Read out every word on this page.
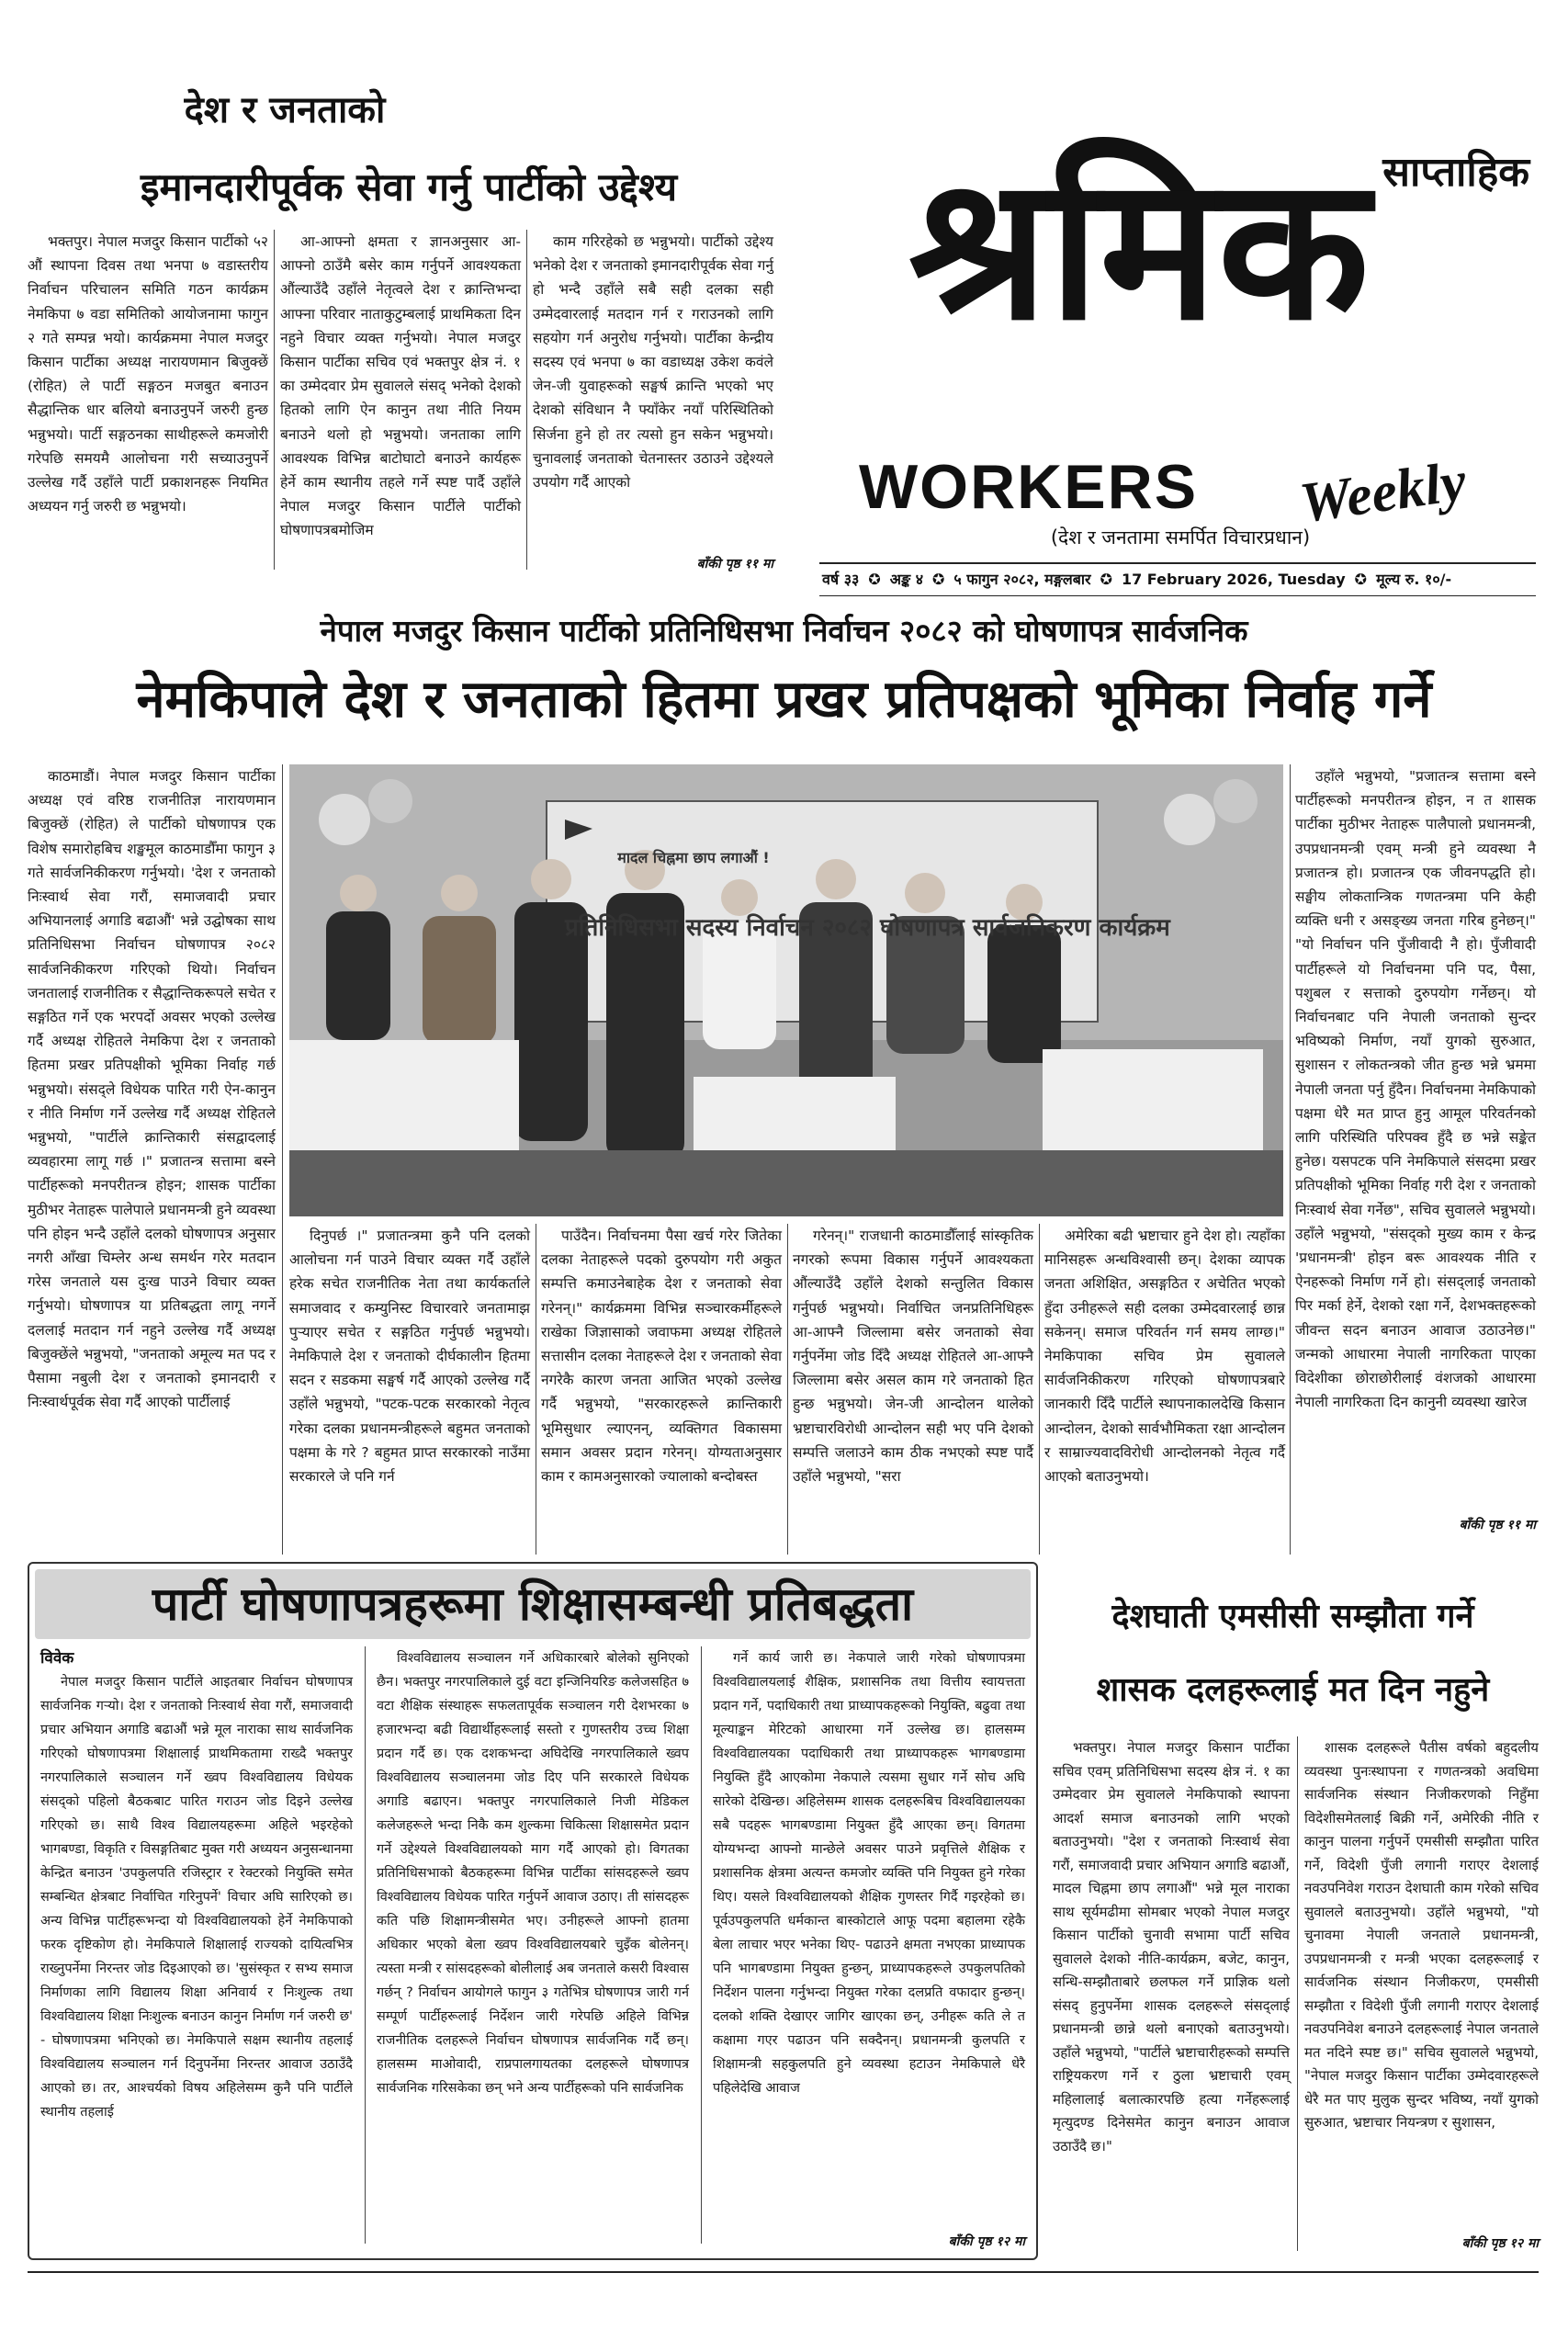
देश र जनताको
इमानदारीपूर्वक सेवा गर्नु पार्टीको उद्देश्य

भक्तपुर। नेपाल मजदुर किसान पार्टीको ५२ औं स्थापना दिवस तथा भनपा ७ वडास्तरीय निर्वाचन परिचालन समिति गठन कार्यक्रम नेमकिपा ७ वडा समितिको आयोजनामा फागुन २ गते सम्पन्न भयो। कार्यक्रममा नेपाल मजदुर किसान पार्टीका अध्यक्ष नारायणमान बिजुक्छें (रोहित) ले पार्टी सङ्गठन मजबुत बनाउन सैद्धान्तिक धार बलियो बनाउनुपर्ने जरुरी हुन्छ भन्नुभयो। पार्टी सङ्गठनका साथीहरूले कमजोरी गरेपछि समयमै आलोचना गरी सच्याउनुपर्ने उल्लेख गर्दै उहाँले पार्टी प्रकाशनहरू नियमित अध्ययन गर्नु जरुरी छ भन्नुभयो।

आ-आफ्नो क्षमता र ज्ञानअनुसार आ-आफ्नो ठाउँमै बसेर काम गर्नुपर्ने आवश्यकता औंल्याउँदै उहाँले नेतृत्वले देश र क्रान्तिभन्दा आफ्ना परिवार नाताकुटुम्बलाई प्राथमिकता दिन नहुने विचार व्यक्त गर्नुभयो। नेपाल मजदुर किसान पार्टीका सचिव एवं भक्तपुर क्षेत्र नं. १ का उम्मेदवार प्रेम सुवालले संसद् भनेको देशको हितको लागि ऐन कानुन तथा नीति नियम बनाउने थलो हो भन्नुभयो। जनताका लागि आवश्यक विभिन्न बाटोघाटो बनाउने कार्यहरू हेर्ने काम स्थानीय तहले गर्ने स्पष्ट पार्दै उहाँले नेपाल मजदुर किसान पार्टीले पार्टीको घोषणापत्रबमोजिम

काम गरिरहेको छ भन्नुभयो। पार्टीको उद्देश्य भनेको देश र जनताको इमानदारीपूर्वक सेवा गर्नु हो भन्दै उहाँले सबै सही दलका सही उम्मेदवारलाई मतदान गर्न र गराउनको लागि सहयोग गर्न अनुरोध गर्नुभयो। पार्टीका केन्द्रीय सदस्य एवं भनपा ७ का वडाध्यक्ष उकेश कवंले जेन-जी युवाहरूको सङ्घर्ष क्रान्ति भएको भए देशको संविधान नै फ्याँकेर नयाँ परिस्थितिको सिर्जना हुने हो तर त्यसो हुन सकेन भन्नुभयो। चुनावलाई जनताको चेतनास्तर उठाउने उद्देश्यले उपयोग गर्दै आएको

बाँकी पृष्ठ ११ मा
श्रमिक साप्ताहिक
WORKERS Weekly
(देश र जनतामा समर्पित विचारप्रधान)
वर्ष ३३ ✪ अङ्क ४ ✪ ५ फागुन २०८२, मङ्गलबार ✪ 17 February 2026, Tuesday ✪ मूल्य रु. १०/-
नेपाल मजदुर किसान पार्टीको प्रतिनिधिसभा निर्वाचन २०८२ को घोषणापत्र सार्वजनिक
नेमकिपाले देश र जनताको हितमा प्रखर प्रतिपक्षको भूमिका निर्वाह गर्ने

काठमाडौं। नेपाल मजदुर किसान पार्टीका अध्यक्ष एवं वरिष्ठ राजनीतिज्ञ नारायणमान बिजुक्छें (रोहित) ले पार्टीको घोषणापत्र एक विशेष समारोहबिच शङ्खमूल काठमाडौँमा फागुन ३ गते सार्वजनिकीकरण गर्नुभयो। 'देश र जनताको निःस्वार्थ सेवा गरौं, समाजवादी प्रचार अभियानलाई अगाडि बढाऔं' भन्ने उद्घोषका साथ प्रतिनिधिसभा निर्वाचन घोषणापत्र २०८२ सार्वजनिकीकरण गरिएको थियो। निर्वाचन जनतालाई राजनीतिक र सैद्धान्तिकरूपले सचेत र सङ्गठित गर्ने एक भरपर्दो अवसर भएको उल्लेख गर्दै अध्यक्ष रोहितले नेमकिपा देश र जनताको हितमा प्रखर प्रतिपक्षीको भूमिका निर्वाह गर्छ भन्नुभयो। संसद्ले विधेयक पारित गरी ऐन-कानुन र नीति निर्माण गर्ने उल्लेख गर्दै अध्यक्ष रोहितले भन्नुभयो, "पार्टीले क्रान्तिकारी संसद्वादलाई व्यवहारमा लागू गर्छ ।" प्रजातन्त्र सत्तामा बस्ने पार्टीहरूको मनपरीतन्त्र होइन; शासक पार्टीका मुठीभर नेताहरू पालेपाले प्रधानमन्त्री हुने व्यवस्था पनि होइन भन्दै उहाँले दलको घोषणापत्र अनुसार नगरी आँखा चिम्लेर अन्ध समर्थन गरेर मतदान गरेस जनताले यस दुःख पाउने विचार व्यक्त गर्नुभयो। घोषणापत्र या प्रतिबद्धता लागू नगर्ने दललाई मतदान गर्न नहुने उल्लेख गर्दै अध्यक्ष बिजुक्छेंले भन्नुभयो, "जनताको अमूल्य मत पद र पैसामा नबुली देश र जनताको इमानदारी र निःस्वार्थपूर्वक सेवा गर्दै आएको पार्टीलाई

उहाँले भन्नुभयो, "प्रजातन्त्र सत्तामा बस्ने पार्टीहरूको मनपरीतन्त्र होइन, न त शासक पार्टीका मुठीभर नेताहरू पालैपालो प्रधानमन्त्री, उपप्रधानमन्त्री एवम् मन्त्री हुने व्यवस्था नै प्रजातन्त्र हो। प्रजातन्त्र एक जीवनपद्धति हो। सङ्घीय लोकतान्त्रिक गणतन्त्रमा पनि केही व्यक्ति धनी र असङ्ख्य जनता गरिब हुनेछन्।" "यो निर्वाचन पनि पुँजीवादी नै हो। पुँजीवादी पार्टीहरूले यो निर्वाचनमा पनि पद, पैसा, पशुबल र सत्ताको दुरुपयोग गर्नेछन्। यो निर्वाचनबाट पनि नेपाली जनताको सुन्दर भविष्यको निर्माण, नयाँ युगको सुरुआत, सुशासन र लोकतन्त्रको जीत हुन्छ भन्ने भ्रममा नेपाली जनता पर्नु हुँदैन। निर्वाचनमा नेमकिपाको पक्षमा धेरै मत प्राप्त हुनु आमूल परिवर्तनको लागि परिस्थिति परिपक्व हुँदै छ भन्ने सङ्केत हुनेछ। यसपटक पनि नेमकिपाले संसदमा प्रखर प्रतिपक्षीको भूमिका निर्वाह गरी देश र जनताको निःस्वार्थ सेवा गर्नेछ", सचिव सुवालले भन्नुभयो। उहाँले भन्नुभयो, "संसद्को मुख्य काम र केन्द्र 'प्रधानमन्त्री' होइन बरू आवश्यक नीति र ऐनहरूको निर्माण गर्ने हो। संसद्लाई जनताको पिर मर्का हेर्ने, देशको रक्षा गर्ने, देशभक्तहरूको जीवन्त सदन बनाउन आवाज उठाउनेछ।" जन्मको आधारमा नेपाली नागरिकता पाएका विदेशीका छोराछोरीलाई वंशजको आधारमा नेपाली नागरिकता दिन कानुनी व्यवस्था खारेज

बाँकी पृष्ठ ११ मा
प्रतिनिधिसभा सदस्य निर्वाचन २०८२ घोषणापत्र सार्वजनिकरण कार्यक्रम
मादल चिह्नमा छाप लगाऔं !

दिनुपर्छ ।" प्रजातन्त्रमा कुनै पनि दलको आलोचना गर्न पाउने विचार व्यक्त गर्दै उहाँले हरेक सचेत राजनीतिक नेता तथा कार्यकर्ताले समाजवाद र कम्युनिस्ट विचारवारे जनतामाझ पुऱ्याएर सचेत र सङ्गठित गर्नुपर्छ भन्नुभयो। नेमकिपाले देश र जनताको दीर्घकालीन हितमा सदन र सडकमा सङ्घर्ष गर्दै आएको उल्लेख गर्दै उहाँले भन्नुभयो, "पटक-पटक सरकारको नेतृत्व गरेका दलका प्रधानमन्त्रीहरूले बहुमत जनताको पक्षमा के गरे ? बहुमत प्राप्त सरकारको नाउँमा सरकारले जे पनि गर्न

पाउँदैन। निर्वाचनमा पैसा खर्च गरेर जितेका दलका नेताहरूले पदको दुरुपयोग गरी अकुत सम्पत्ति कमाउनेबाहेक देश र जनताको सेवा गरेनन्।" कार्यक्रममा विभिन्न सञ्चारकर्मीहरूले राखेका जिज्ञासाको जवाफमा अध्यक्ष रोहितले सत्तासीन दलका नेताहरूले देश र जनताको सेवा नगरेकै कारण जनता आजित भएको उल्लेख गर्दै भन्नुभयो, "सरकारहरूले क्रान्तिकारी भूमिसुधार ल्याएनन्, व्यक्तिगत विकासमा समान अवसर प्रदान गरेनन्। योग्यताअनुसार काम र कामअनुसारको ज्यालाको बन्दोबस्त

गरेनन्।" राजधानी काठमाडौँलाई सांस्कृतिक नगरको रूपमा विकास गर्नुपर्ने आवश्यकता औंल्याउँदै उहाँले देशको सन्तुलित विकास गर्नुपर्छ भन्नुभयो। निर्वाचित जनप्रतिनिधिहरू आ-आफ्नै जिल्लामा बसेर जनताको सेवा गर्नुपर्नेमा जोड दिँदै अध्यक्ष रोहितले आ-आफ्नै जिल्लामा बसेर असल काम गरे जनताको हित हुन्छ भन्नुभयो। जेन-जी आन्दोलन थालेको भ्रष्टाचारविरोधी आन्दोलन सही भए पनि देशको सम्पत्ति जलाउने काम ठीक नभएको स्पष्ट पार्दै उहाँले भन्नुभयो, "सरा

अमेरिका बढी भ्रष्टाचार हुने देश हो। त्यहाँका मानिसहरू अन्धविश्वासी छन्। देशका व्यापक जनता अशिक्षित, असङ्गठित र अचेतित भएको हुँदा उनीहरूले सही दलका उम्मेदवारलाई छान्न सकेनन्। समाज परिवर्तन गर्न समय लाग्छ।" नेमकिपाका सचिव प्रेम सुवालले सार्वजनिकीकरण गरिएको घोषणापत्रबारे जानकारी दिँदै पार्टीले स्थापनाकालदेखि किसान आन्दोलन, देशको सार्वभौमिकता रक्षा आन्दोलन र साम्राज्यवादविरोधी आन्दोलनको नेतृत्व गर्दै आएको बताउनुभयो।

पार्टी घोषणापत्रहरूमा शिक्षासम्बन्धी प्रतिबद्धता
विवेक

नेपाल मजदुर किसान पार्टीले आइतबार निर्वाचन घोषणापत्र सार्वजनिक गऱ्यो। देश र जनताको निःस्वार्थ सेवा गरौं, समाजवादी प्रचार अभियान अगाडि बढाऔं भन्ने मूल नाराका साथ सार्वजनिक गरिएको घोषणापत्रमा शिक्षालाई प्राथमिकतामा राख्दै भक्तपुर नगरपालिकाले सञ्चालन गर्ने ख्वप विश्वविद्यालय विधेयक संसद्को पहिलो बैठकबाट पारित गराउन जोड दिइने उल्लेख गरिएको छ। साथै विश्व विद्यालयहरूमा अहिले भइरहेको भागबण्डा, विकृति र विसङ्गतिबाट मुक्त गरी अध्ययन अनुसन्धानमा केन्द्रित बनाउन 'उपकुलपति रजिस्ट्रार र रेक्टरको नियुक्ति समेत सम्बन्धित क्षेत्रबाट निर्वाचित गरिनुपर्ने' विचार अघि सारिएको छ। अन्य विभिन्न पार्टीहरूभन्दा यो विश्वविद्यालयको हेर्ने नेमकिपाको फरक दृष्टिकोण हो। नेमकिपाले शिक्षालाई राज्यको दायित्वभित्र राख्नुपर्नेमा निरन्तर जोड दिइआएको छ। 'सुसंस्कृत र सभ्य समाज निर्माणका लागि विद्यालय शिक्षा अनिवार्य र निःशुल्क तथा विश्वविद्यालय शिक्षा निःशुल्क बनाउन कानुन निर्माण गर्न जरुरी छ' - घोषणापत्रमा भनिएको छ। नेमकिपाले सक्षम स्थानीय तहलाई विश्वविद्यालय सञ्चालन गर्न दिनुपर्नेमा निरन्तर आवाज उठाउँदै आएको छ। तर, आश्चर्यको विषय अहिलेसम्म कुनै पनि पार्टीले स्थानीय तहलाई

विश्वविद्यालय सञ्चालन गर्ने अधिकारबारे बोलेको सुनिएको छैन। भक्तपुर नगरपालिकाले दुई वटा इन्जिनियरिङ कलेजसहित ७ वटा शैक्षिक संस्थाहरू सफलतापूर्वक सञ्चालन गरी देशभरका ७ हजारभन्दा बढी विद्यार्थीहरूलाई सस्तो र गुणस्तरीय उच्च शिक्षा प्रदान गर्दै छ। एक दशकभन्दा अघिदेखि नगरपालिकाले ख्वप विश्वविद्यालय सञ्चालनमा जोड दिए पनि सरकारले विधेयक अगाडि बढाएन। भक्तपुर नगरपालिकाले निजी मेडिकल कलेजहरूले भन्दा निकै कम शुल्कमा चिकित्सा शिक्षासमेत प्रदान गर्ने उद्देश्यले विश्वविद्यालयको माग गर्दै आएको हो। विगतका प्रतिनिधिसभाको बैठकहरूमा विभिन्न पार्टीका सांसदहरूले ख्वप विश्वविद्यालय विधेयक पारित गर्नुपर्ने आवाज उठाए। ती सांसदहरू कति पछि शिक्षामन्त्रीसमेत भए। उनीहरूले आफ्नो हातमा अधिकार भएको बेला ख्वप विश्वविद्यालयबारे चुइँक बोलेनन्। त्यस्ता मन्त्री र सांसदहरूको बोलीलाई अब जनताले कसरी विश्वास गर्छन् ? निर्वाचन आयोगले फागुन ३ गतेभित्र घोषणापत्र जारी गर्न सम्पूर्ण पार्टीहरूलाई निर्देशन जारी गरेपछि अहिले विभिन्न राजनीतिक दलहरूले निर्वाचन घोषणापत्र सार्वजनिक गर्दै छन्। हालसम्म माओवादी, राप्रपालगायतका दलहरूले घोषणापत्र सार्वजनिक गरिसकेका छन् भने अन्य पार्टीहरूको पनि सार्वजनिक

गर्ने कार्य जारी छ। नेकपाले जारी गरेको घोषणापत्रमा विश्वविद्यालयलाई शैक्षिक, प्रशासनिक तथा वित्तीय स्वायत्तता प्रदान गर्ने, पदाधिकारी तथा प्राध्यापकहरूको नियुक्ति, बढुवा तथा मूल्याङ्कन मेरिटको आधारमा गर्ने उल्लेख छ। हालसम्म विश्वविद्यालयका पदाधिकारी तथा प्राध्यापकहरू भागबण्डामा नियुक्ति हुँदै आएकोमा नेकपाले त्यसमा सुधार गर्ने सोच अघि सारेको देखिन्छ। अहिलेसम्म शासक दलहरूबिच विश्वविद्यालयका सबै पदहरू भागबण्डामा नियुक्त हुँदै आएका छन्। विगतमा योग्यभन्दा आफ्नो मान्छेले अवसर पाउने प्रवृत्तिले शैक्षिक र प्रशासनिक क्षेत्रमा अत्यन्त कमजोर व्यक्ति पनि नियुक्त हुने गरेका थिए। यसले विश्वविद्यालयको शैक्षिक गुणस्तर गिर्दै गइरहेको छ। पूर्वउपकुलपति धर्मकान्त बास्कोटाले आफू पदमा बहालमा रहेकै बेला लाचार भएर भनेका थिए- पढाउने क्षमता नभएका प्राध्यापक पनि भागबण्डामा नियुक्त हुन्छन्, प्राध्यापकहरूले उपकुलपतिको निर्देशन पालना गर्नुभन्दा नियुक्त गरेका दलप्रति वफादार हुन्छन्। दलको शक्ति देखाएर जागिर खाएका छन्, उनीहरू कति ले त कक्षामा गएर पढाउन पनि सक्दैनन्। प्रधानमन्त्री कुलपति र शिक्षामन्त्री सहकुलपति हुने व्यवस्था हटाउन नेमकिपाले धेरै पहिलेदेखि आवाज

बाँकी पृष्ठ १२ मा
देशघाती एमसीसी सम्झौता गर्ने
शासक दलहरूलाई मत दिन नहुने

भक्तपुर। नेपाल मजदुर किसान पार्टीका सचिव एवम् प्रतिनिधिसभा सदस्य क्षेत्र नं. १ का उम्मेदवार प्रेम सुवालले नेमकिपाको स्थापना आदर्श समाज बनाउनको लागि भएको बताउनुभयो। "देश र जनताको निःस्वार्थ सेवा गरौं, समाजवादी प्रचार अभियान अगाडि बढाऔं, मादल चिह्नमा छाप लगाऔं" भन्ने मूल नाराका साथ सूर्यमढीमा सोमबार भएको नेपाल मजदुर किसान पार्टीको चुनावी सभामा पार्टी सचिव सुवालले देशको नीति-कार्यक्रम, बजेट, कानुन, सन्धि-सम्झौताबारे छलफल गर्ने प्राज्ञिक थलो संसद् हुनुपर्नेमा शासक दलहरूले संसद्लाई प्रधानमन्त्री छान्ने थलो बनाएको बताउनुभयो। उहाँले भन्नुभयो, "पार्टीले भ्रष्टाचारीहरूको सम्पत्ति राष्ट्रियकरण गर्ने र ठुला भ्रष्टाचारी एवम् महिलालाई बलात्कारपछि हत्या गर्नेहरूलाई मृत्युदण्ड दिनेसमेत कानुन बनाउन आवाज उठाउँदै छ।"

शासक दलहरूले पैतीस वर्षको बहुदलीय व्यवस्था पुनःस्थापना र गणतन्त्रको अवधिमा सार्वजनिक संस्थान निजीकरणको निहुँमा विदेशीसमेतलाई बिक्री गर्ने, अमेरिकी नीति र कानुन पालना गर्नुपर्ने एमसीसी सम्झौता पारित गर्ने, विदेशी पुँजी लगानी गराएर देशलाई नवउपनिवेश गराउन देशघाती काम गरेको सचिव सुवालले बताउनुभयो। उहाँले भन्नुभयो, "यो चुनावमा नेपाली जनताले प्रधानमन्त्री, उपप्रधानमन्त्री र मन्त्री भएका दलहरूलाई र सार्वजनिक संस्थान निजीकरण, एमसीसी सम्झौता र विदेशी पुँजी लगानी गराएर देशलाई नवउपनिवेश बनाउने दलहरूलाई नेपाल जनताले मत नदिने स्पष्ट छ।" सचिव सुवालले भन्नुभयो, "नेपाल मजदुर किसान पार्टीका उम्मेदवारहरूले धेरै मत पाए मुलुक सुन्दर भविष्य, नयाँ युगको सुरुआत, भ्रष्टाचार नियन्त्रण र सुशासन,

बाँकी पृष्ठ १२ मा
